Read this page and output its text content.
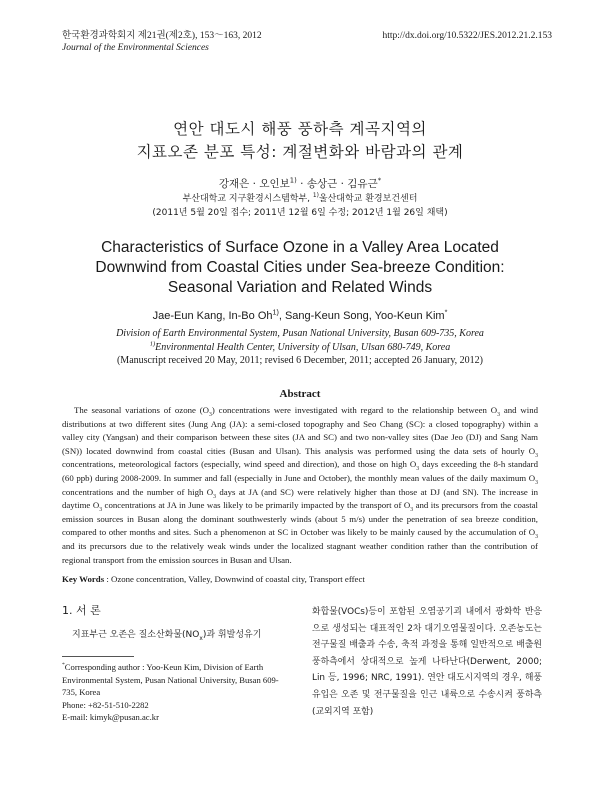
한국환경과학회지 제21권(제2호), 153～163, 2012
Journal of the Environmental Sciences
http://dx.doi.org/10.5322/JES.2012.21.2.153
연안 대도시 해풍 풍하측 계곡지역의
지표오존 분포 특성: 계절변화와 바람과의 관계
강재은 · 오인보$^{1)}$ · 송상근 · 김유근*
부산대학교 지구환경시스템학부, $^{1)}$울산대학교 환경보건센터
(2011년 5월 20일 접수; 2011년 12월 6일 수정; 2012년 1월 26일 채택)
Characteristics of Surface Ozone in a Valley Area Located
Downwind from Coastal Cities under Sea-breeze Condition:
Seasonal Variation and Related Winds
Jae-Eun Kang, In-Bo Oh$^{1)}$, Sang-Keun Song, Yoo-Keun Kim*
Division of Earth Environmental System, Pusan National University, Busan 609-735, Korea
$^{1)}$Environmental Health Center, University of Ulsan, Ulsan 680-749, Korea
(Manuscript received 20 May, 2011; revised 6 December, 2011; accepted 26 January, 2012)
Abstract

The seasonal variations of ozone $(O_3)$ concentrations were investigated with regard to the relationship between $O_3$ and wind distributions at two different sites (Jung Ang (JA): a semi-closed topography and Seo Chang (SC): a closed topography) within a valley city (Yangsan) and their comparison between these sites (JA and SC) and two non-valley sites (Dae Jeo (DJ) and Sang Nam (SN)) located downwind from coastal cities (Busan and Ulsan). This analysis was performed using the data sets of hourly $O_3$ concentrations, meteorological factors (especially, wind speed and direction), and those on high $O_3$ days exceeding the 8-h standard (60 ppb) during 2008-2009. In summer and fall (especially in June and October), the monthly mean values of the daily maximum $O_3$ concentrations and the number of high $O_3$ days at JA (and SC) were relatively higher than those at DJ (and SN). The increase in daytime $O_3$ concentrations at JA in June was likely to be primarily impacted by the transport of $O_3$ and its precursors from the coastal emission sources in Busan along the dominant southwesterly winds (about 5 m/s) under the penetration of sea breeze condition, compared to other months and sites. Such a phenomenon at SC in October was likely to be mainly caused by the accumulation of $O_3$ and its precursors due to the relatively weak winds under the localized stagnant weather condition rather than the contribution of regional transport from the emission sources in Busan and Ulsan.

Key Words : Ozone concentration, Valley, Downwind of coastal city, Transport effect
1. 서 론
지표부근 오존은 질소산화물$(NO_x)$과 휘발성유기
*Corresponding author : Yoo-Keun Kim, Division of Earth Environmental System, Pusan National University, Busan 609-735, Korea
Phone: +82-51-510-2282
E-mail: kimyk@pusan.ac.kr
화합물(VOCs)등이 포함된 오염공기괴 내에서 광화학 반응으로 생성되는 대표적인 2차 대기오염물질이다. 오존농도는 전구물질 배출과 수송, 축적 과정을 통해 일반적으로 배출원 풍하측에서 상대적으로 높게 나타난다(Derwent, 2000; Lin 등, 1996; NRC, 1991). 연안 대도시지역의 경우, 해풍유입은 오존 및 전구물질을 인근 내륙으로 수송시켜 풍하측(교외지역 포함)
